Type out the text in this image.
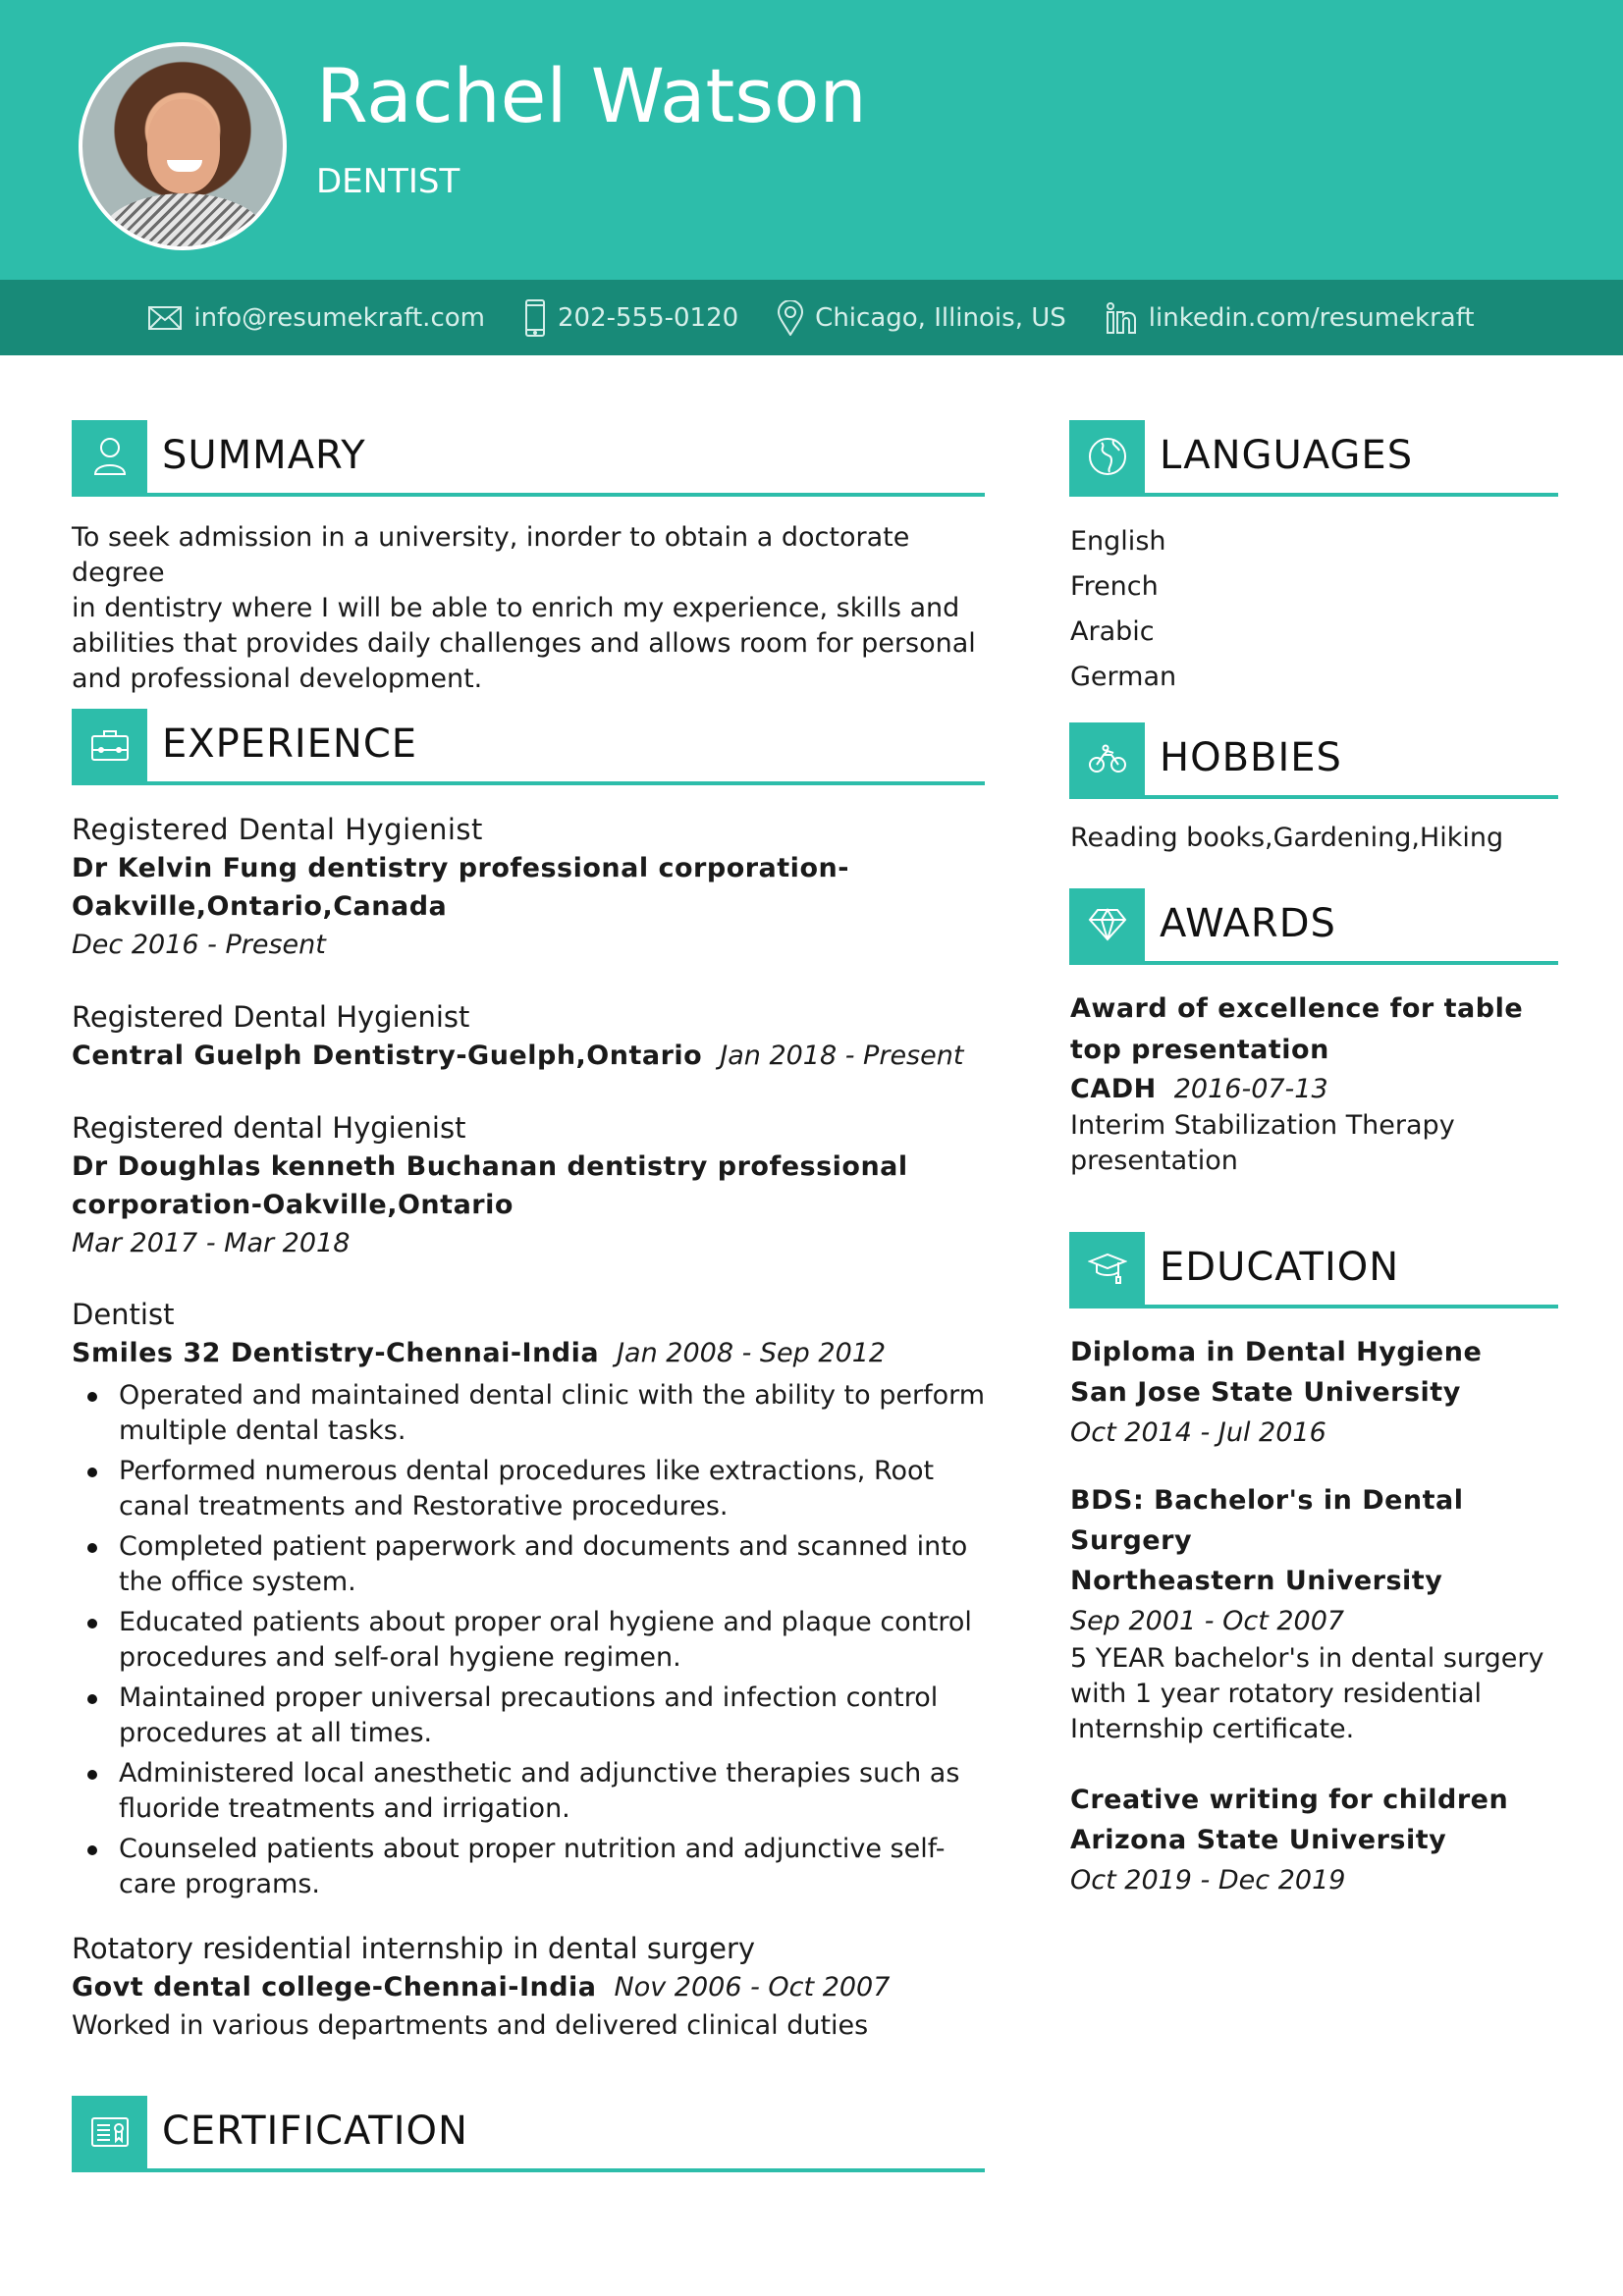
Rachel Watson
DENTIST
info@resumekraft.com	202-555-0120	Chicago, Illinois, US	linkedin.com/resumekraft
SUMMARY
To seek admission in a university, inorder to obtain a doctorate degree
in dentistry where I will be able to enrich my experience, skills and
abilities that provides daily challenges and allows room for personal
and professional development.
EXPERIENCE
Registered Dental Hygienist
Dr Kelvin Fung dentistry professional corporation-
Oakville,Ontario,Canada
Dec 2016 - Present
Registered Dental Hygienist
Central Guelph Dentistry-Guelph,Ontario Jan 2018 - Present
Registered dental Hygienist
Dr Doughlas kenneth Buchanan dentistry professional
corporation-Oakville,Ontario
Mar 2017 - Mar 2018
Dentist
Smiles 32 Dentistry-Chennai-India Jan 2008 - Sep 2012
Operated and maintained dental clinic with the ability to perform multiple dental tasks.
Performed numerous dental procedures like extractions, Root canal treatments and Restorative procedures.
Completed patient paperwork and documents and scanned into the office system.
Educated patients about proper oral hygiene and plaque control procedures and self-oral hygiene regimen.
Maintained proper universal precautions and infection control procedures at all times.
Administered local anesthetic and adjunctive therapies such as fluoride treatments and irrigation.
Counseled patients about proper nutrition and adjunctive self-care programs.
Rotatory residential internship in dental surgery
Govt dental college-Chennai-India Nov 2006 - Oct 2007
Worked in various departments and delivered clinical duties
CERTIFICATION
LANGUAGES
English
French
Arabic
German
HOBBIES
Reading books,Gardening,Hiking
AWARDS
Award of excellence for table
top presentation
CADH 2016-07-13
Interim Stabilization Therapy
presentation
EDUCATION
Diploma in Dental Hygiene
San Jose State University
Oct 2014 - Jul 2016
BDS: Bachelor's in Dental
Surgery
Northeastern University
Sep 2001 - Oct 2007
5 YEAR bachelor's in dental surgery
with 1 year rotatory residential
Internship certificate.
Creative writing for children
Arizona State University
Oct 2019 - Dec 2019
